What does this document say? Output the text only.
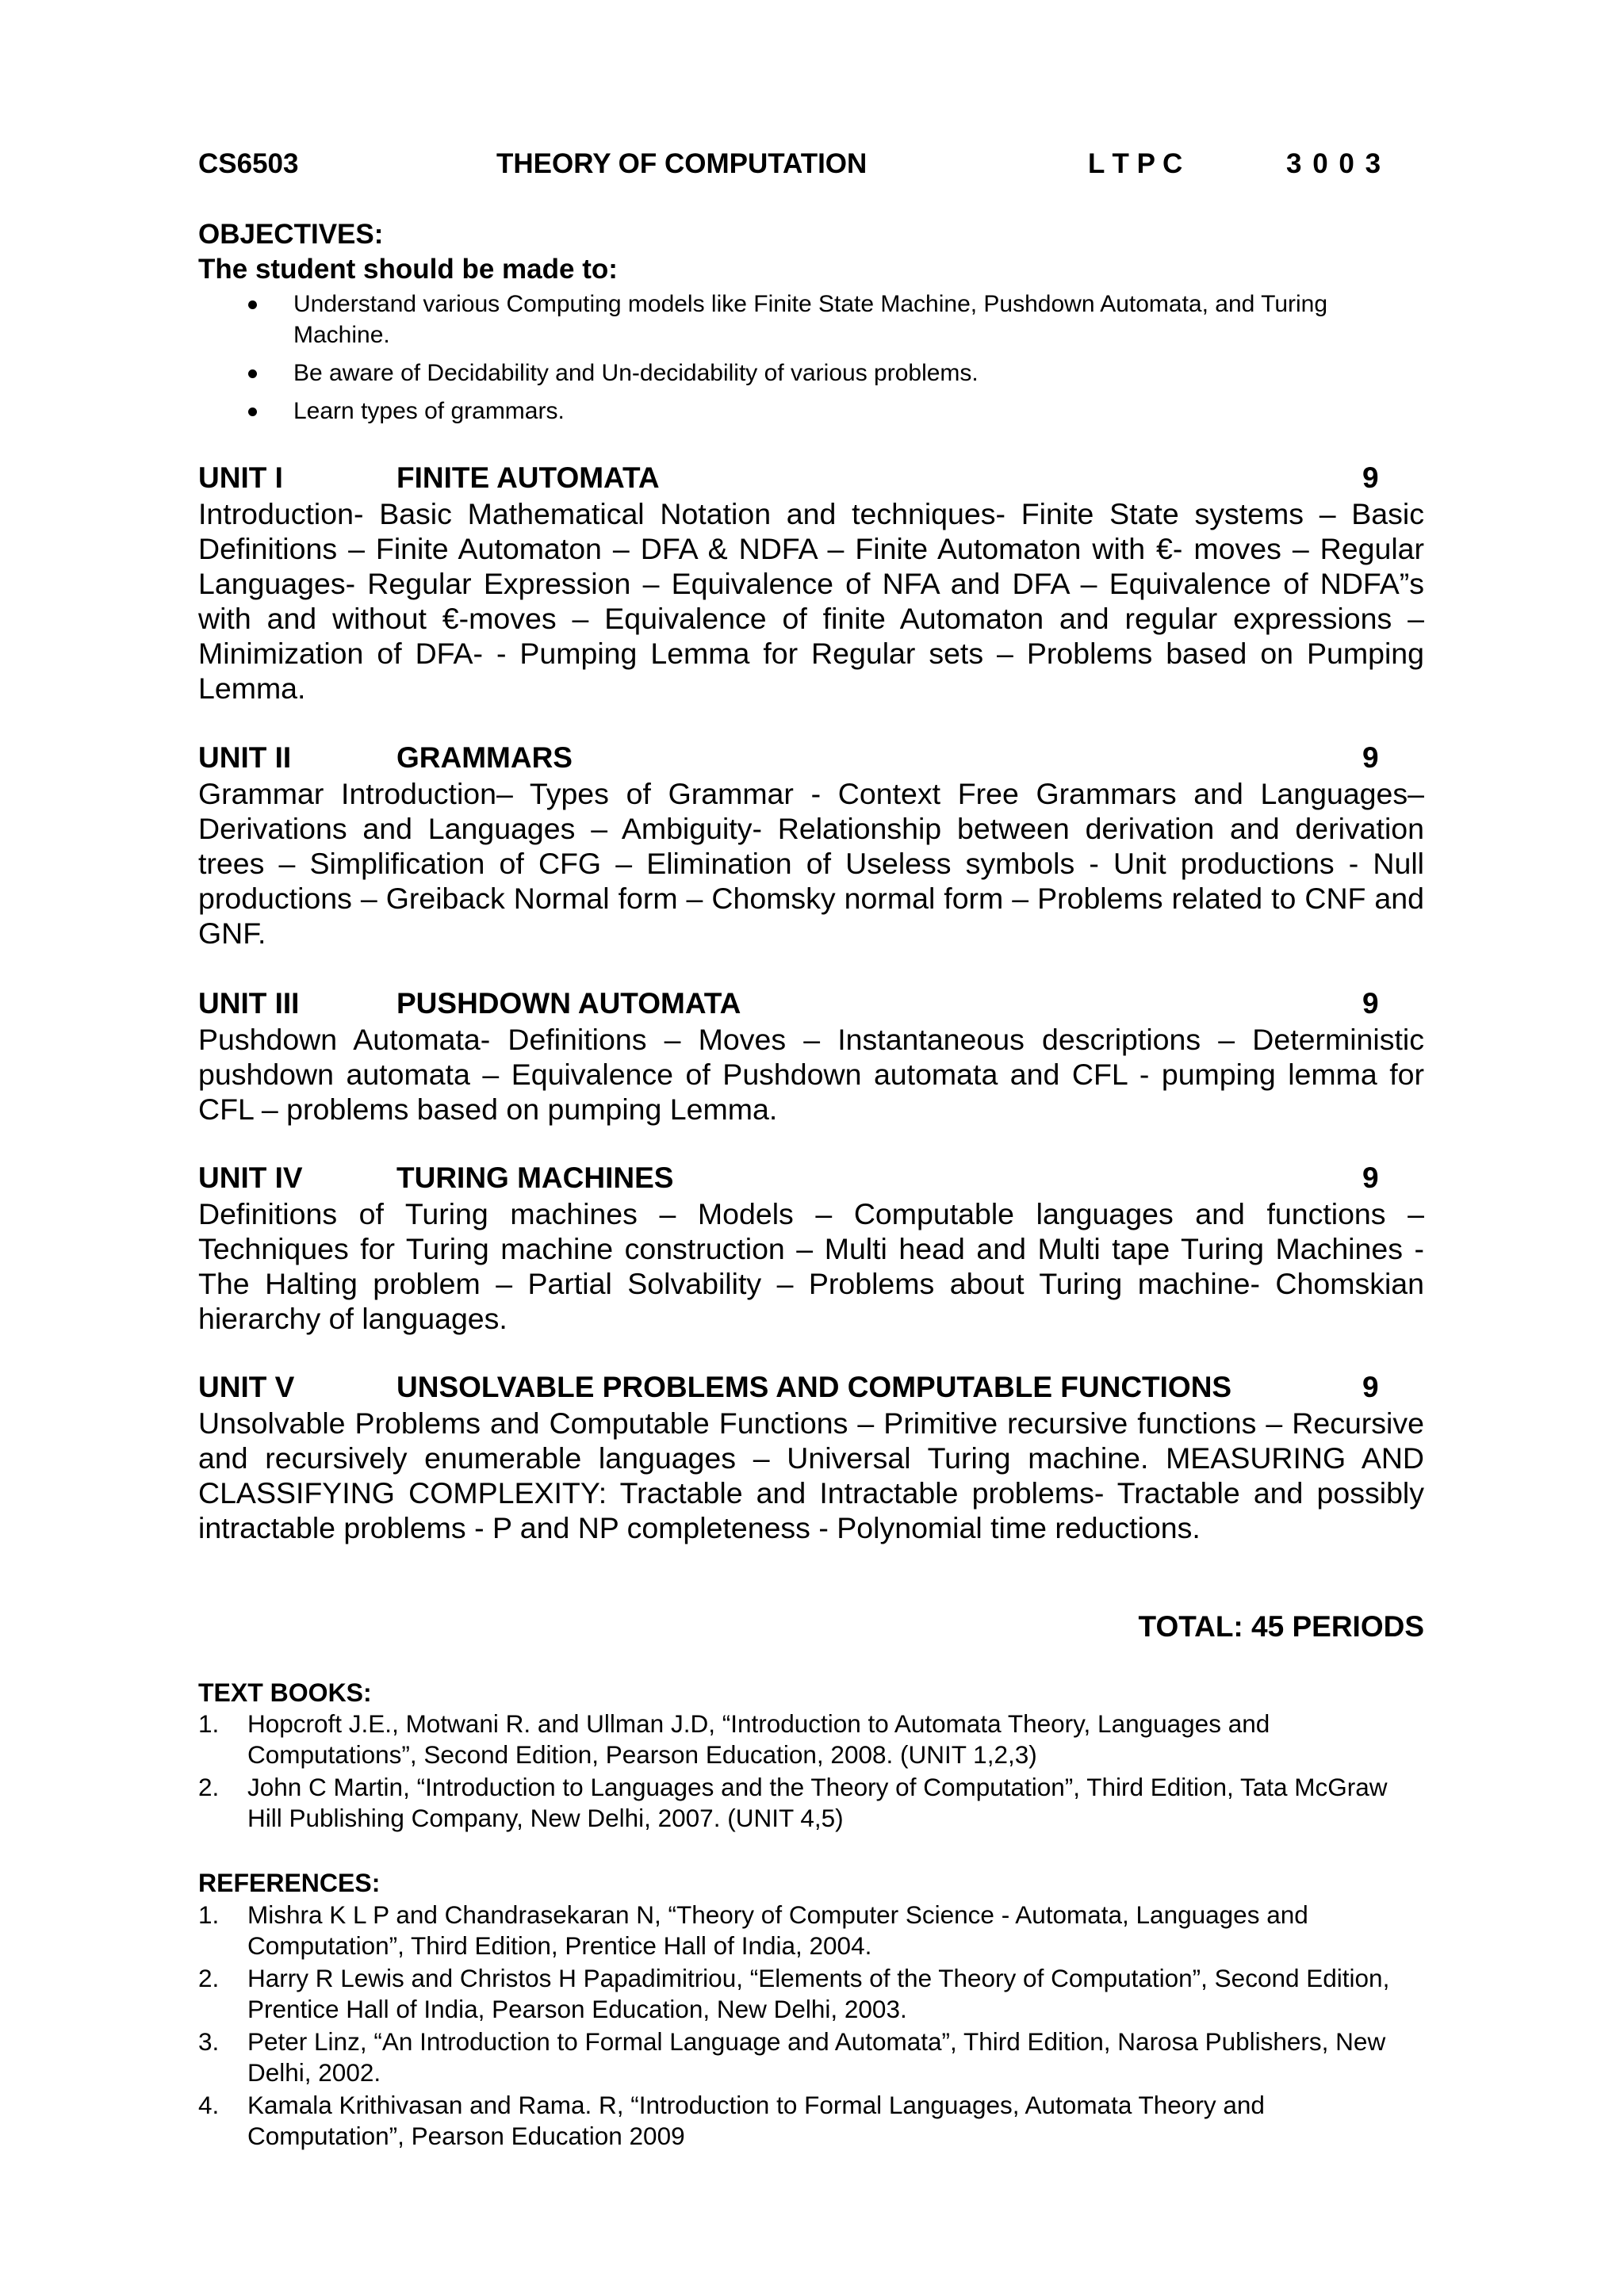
CS6503	THEORY OF COMPUTATION	L T P C	3 0 0 3
OBJECTIVES:
The student should be made to:
Understand various Computing models like Finite State Machine, Pushdown Automata, and Turing Machine.
Be aware of Decidability and Un-decidability of various problems.
Learn types of grammars.
UNIT I	FINITE AUTOMATA	9
Introduction- Basic Mathematical Notation and techniques- Finite State systems – Basic Definitions – Finite Automaton – DFA & NDFA – Finite Automaton with €- moves – Regular Languages- Regular Expression – Equivalence of NFA and DFA – Equivalence of NDFA”s with and without €-moves – Equivalence of finite Automaton and regular expressions – Minimization of DFA- - Pumping Lemma for Regular sets – Problems based on Pumping Lemma.
UNIT II	GRAMMARS	9
Grammar Introduction– Types of Grammar - Context Free Grammars and Languages– Derivations and Languages – Ambiguity- Relationship between derivation and derivation trees – Simplification of CFG – Elimination of Useless symbols - Unit productions - Null productions – Greiback Normal form – Chomsky normal form – Problems related to CNF and GNF.
UNIT III	PUSHDOWN AUTOMATA	9
Pushdown Automata- Definitions – Moves – Instantaneous descriptions – Deterministic pushdown automata – Equivalence of Pushdown automata and CFL - pumping lemma for CFL – problems based on pumping Lemma.
UNIT IV	TURING MACHINES	9
Definitions of Turing machines – Models – Computable languages and functions – Techniques for Turing machine construction – Multi head and Multi tape Turing Machines - The Halting problem – Partial Solvability – Problems about Turing machine- Chomskian hierarchy of languages.
UNIT V	UNSOLVABLE PROBLEMS AND COMPUTABLE FUNCTIONS	9
Unsolvable Problems and Computable Functions – Primitive recursive functions – Recursive and recursively enumerable languages – Universal Turing machine. MEASURING AND CLASSIFYING COMPLEXITY: Tractable and Intractable problems- Tractable and possibly intractable problems - P and NP completeness - Polynomial time reductions.
TOTAL: 45 PERIODS
TEXT BOOKS:
1. Hopcroft J.E., Motwani R. and Ullman J.D, “Introduction to Automata Theory, Languages and Computations”, Second Edition, Pearson Education, 2008. (UNIT 1,2,3)
2. John C Martin, “Introduction to Languages and the Theory of Computation”, Third Edition, Tata McGraw Hill Publishing Company, New Delhi, 2007. (UNIT 4,5)
REFERENCES:
1. Mishra K L P and Chandrasekaran N, “Theory of Computer Science - Automata, Languages and Computation”, Third Edition, Prentice Hall of India, 2004.
2. Harry R Lewis and Christos H Papadimitriou, “Elements of the Theory of Computation”, Second Edition, Prentice Hall of India, Pearson Education, New Delhi, 2003.
3. Peter Linz, “An Introduction to Formal Language and Automata”, Third Edition, Narosa Publishers, New Delhi, 2002.
4. Kamala Krithivasan and Rama. R, “Introduction to Formal Languages, Automata Theory and Computation”, Pearson Education 2009
